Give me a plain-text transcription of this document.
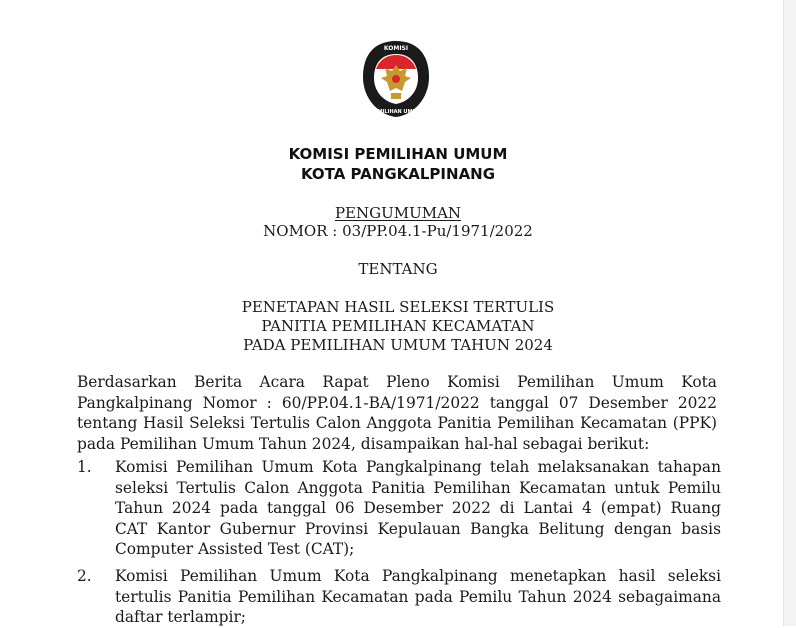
KOMISI
PEMILIHAN UMUM
KOMISI PEMILIHAN UMUM
KOTA PANGKALPINANG
PENGUMUMAN
NOMOR : 03/PP.04.1-Pu/1971/2022
TENTANG
PENETAPAN HASIL SELEKSI TERTULIS
PANITIA PEMILIHAN KECAMATAN
PADA PEMILIHAN UMUM TAHUN 2024
Berdasarkan Berita Acara Rapat Pleno Komisi Pemilihan Umum Kota
Pangkalpinang Nomor : 60/PP.04.1-BA/1971/2022 tanggal 07 Desember 2022
tentang Hasil Seleksi Tertulis Calon Anggota Panitia Pemilihan Kecamatan (PPK)
pada Pemilihan Umum Tahun 2024, disampaikan hal-hal sebagai berikut:
1. Komisi Pemilihan Umum Kota Pangkalpinang telah melaksanakan tahapan
seleksi Tertulis Calon Anggota Panitia Pemilihan Kecamatan untuk Pemilu
Tahun 2024 pada tanggal 06 Desember 2022 di Lantai 4 (empat) Ruang
CAT Kantor Gubernur Provinsi Kepulauan Bangka Belitung dengan basis
Computer Assisted Test (CAT);
2. Komisi Pemilihan Umum Kota Pangkalpinang menetapkan hasil seleksi
tertulis Panitia Pemilihan Kecamatan pada Pemilu Tahun 2024 sebagaimana
daftar terlampir;
